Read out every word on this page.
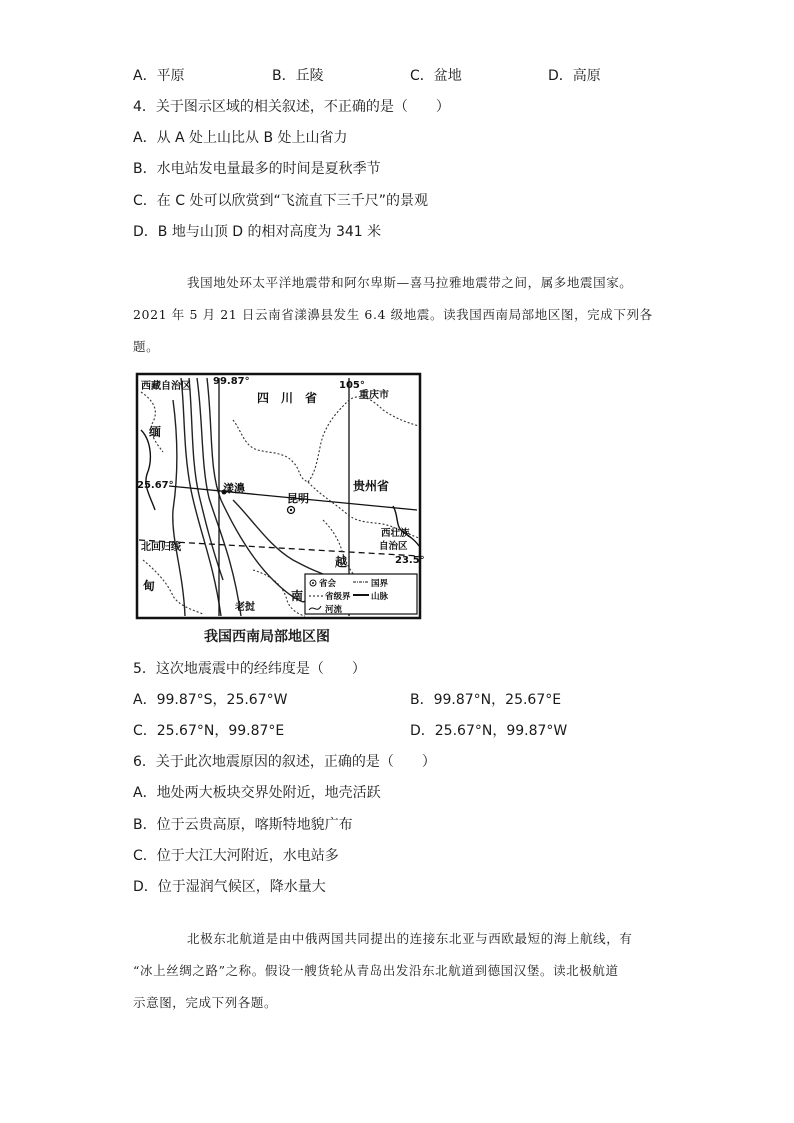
A．平原	B．丘陵	C．盆地	D．高原
4．关于图示区域的相关叙述，不正确的是（　　）
A．从 A 处上山比从 B 处上山省力
B．水电站发电量最多的时间是夏秋季节
C．在 C 处可以欣赏到“飞流直下三千尺”的景观
D．B 地与山顶 D 的相对高度为 341 米
我国地处环太平洋地震带和阿尔卑斯—喜马拉雅地震带之间，属多地震国家。
2021 年 5 月 21 日云南省漾濞县发生 6.4 级地震。读我国西南局部地区图，完成下列各
题。
西藏自治区 99.87°	105°
四　川　省	重庆市
缅
25.67°	漾濞
昆明
贵州省
北回归线
甸
西壮族
自治区
23.5°
越
南
老挝
省会	国界
省级界 山脉
河流
我国西南局部地区图
5．这次地震震中的经纬度是（　　）
A．99.87°S，25.67°W	B．99.87°N，25.67°E
C．25.67°N，99.87°E	D．25.67°N，99.87°W
6．关于此次地震原因的叙述，正确的是（　　）
A．地处两大板块交界处附近，地壳活跃
B．位于云贵高原，喀斯特地貌广布
C．位于大江大河附近，水电站多
D．位于湿润气候区，降水量大
北极东北航道是由中俄两国共同提出的连接东北亚与西欧最短的海上航线，有
“冰上丝绸之路”之称。假设一艘货轮从青岛出发沿东北航道到德国汉堡。读北极航道
示意图，完成下列各题。
